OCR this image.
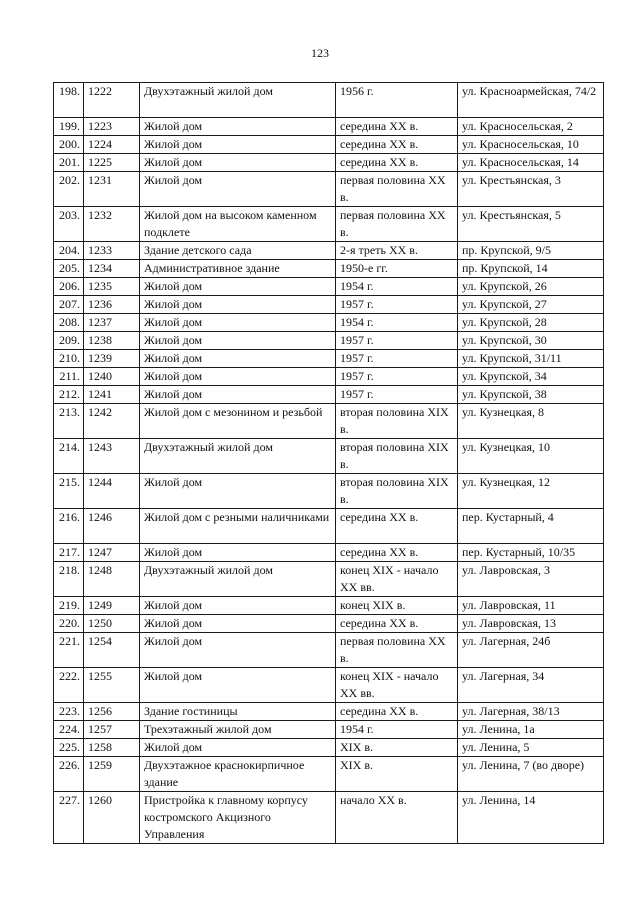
123
198.	1222	Двухэтажный жилой дом	1956 г.	ул. Красноармейская, 74/2
199.	1223	Жилой дом	середина XX в.	ул. Красносельская, 2
200.	1224	Жилой дом	середина XX в.	ул. Красносельская, 10
201.	1225	Жилой дом	середина XX в.	ул. Красносельская, 14
202.	1231	Жилой дом	первая половина XX в.	ул. Крестьянская, 3
203.	1232	Жилой дом на высоком каменном подклете	первая половина XX в.	ул. Крестьянская, 5
204.	1233	Здание детского сада	2-я треть XX в.	пр. Крупской, 9/5
205.	1234	Административное здание	1950-е гг.	пр. Крупской, 14
206.	1235	Жилой дом	1954 г.	ул. Крупской, 26
207.	1236	Жилой дом	1957 г.	ул. Крупской, 27
208.	1237	Жилой дом	1954 г.	ул. Крупской, 28
209.	1238	Жилой дом	1957 г.	ул. Крупской, 30
210.	1239	Жилой дом	1957 г.	ул. Крупской, 31/11
211.	1240	Жилой дом	1957 г.	ул. Крупской, 34
212.	1241	Жилой дом	1957 г.	ул. Крупской, 38
213.	1242	Жилой дом с мезонином и резьбой	вторая половина XIX в.	ул. Кузнецкая, 8
214.	1243	Двухэтажный жилой дом	вторая половина XIX в.	ул. Кузнецкая, 10
215.	1244	Жилой дом	вторая половина XIX в.	ул. Кузнецкая, 12
216.	1246	Жилой дом с резными наличниками	середина XX в.	пер. Кустарный, 4
217.	1247	Жилой дом	середина XX в.	пер. Кустарный, 10/35
218.	1248	Двухэтажный жилой дом	конец XIX - начало XX вв.	ул. Лавровская, 3
219.	1249	Жилой дом	конец XIX в.	ул. Лавровская, 11
220.	1250	Жилой дом	середина XX в.	ул. Лавровская, 13
221.	1254	Жилой дом	первая половина XX в.	ул. Лагерная, 24б
222.	1255	Жилой дом	конец XIX - начало XX вв.	ул. Лагерная, 34
223.	1256	Здание гостиницы	середина XX в.	ул. Лагерная, 38/13
224.	1257	Трехэтажный жилой дом	1954 г.	ул. Ленина, 1а
225.	1258	Жилой дом	XIX в.	ул. Ленина, 5
226.	1259	Двухэтажное краснокирпичное здание	XIX в.	ул. Ленина, 7 (во дворе)
227.	1260	Пристройка к главному корпусу костромского Акцизного Управления	начало XX в.	ул. Ленина, 14
